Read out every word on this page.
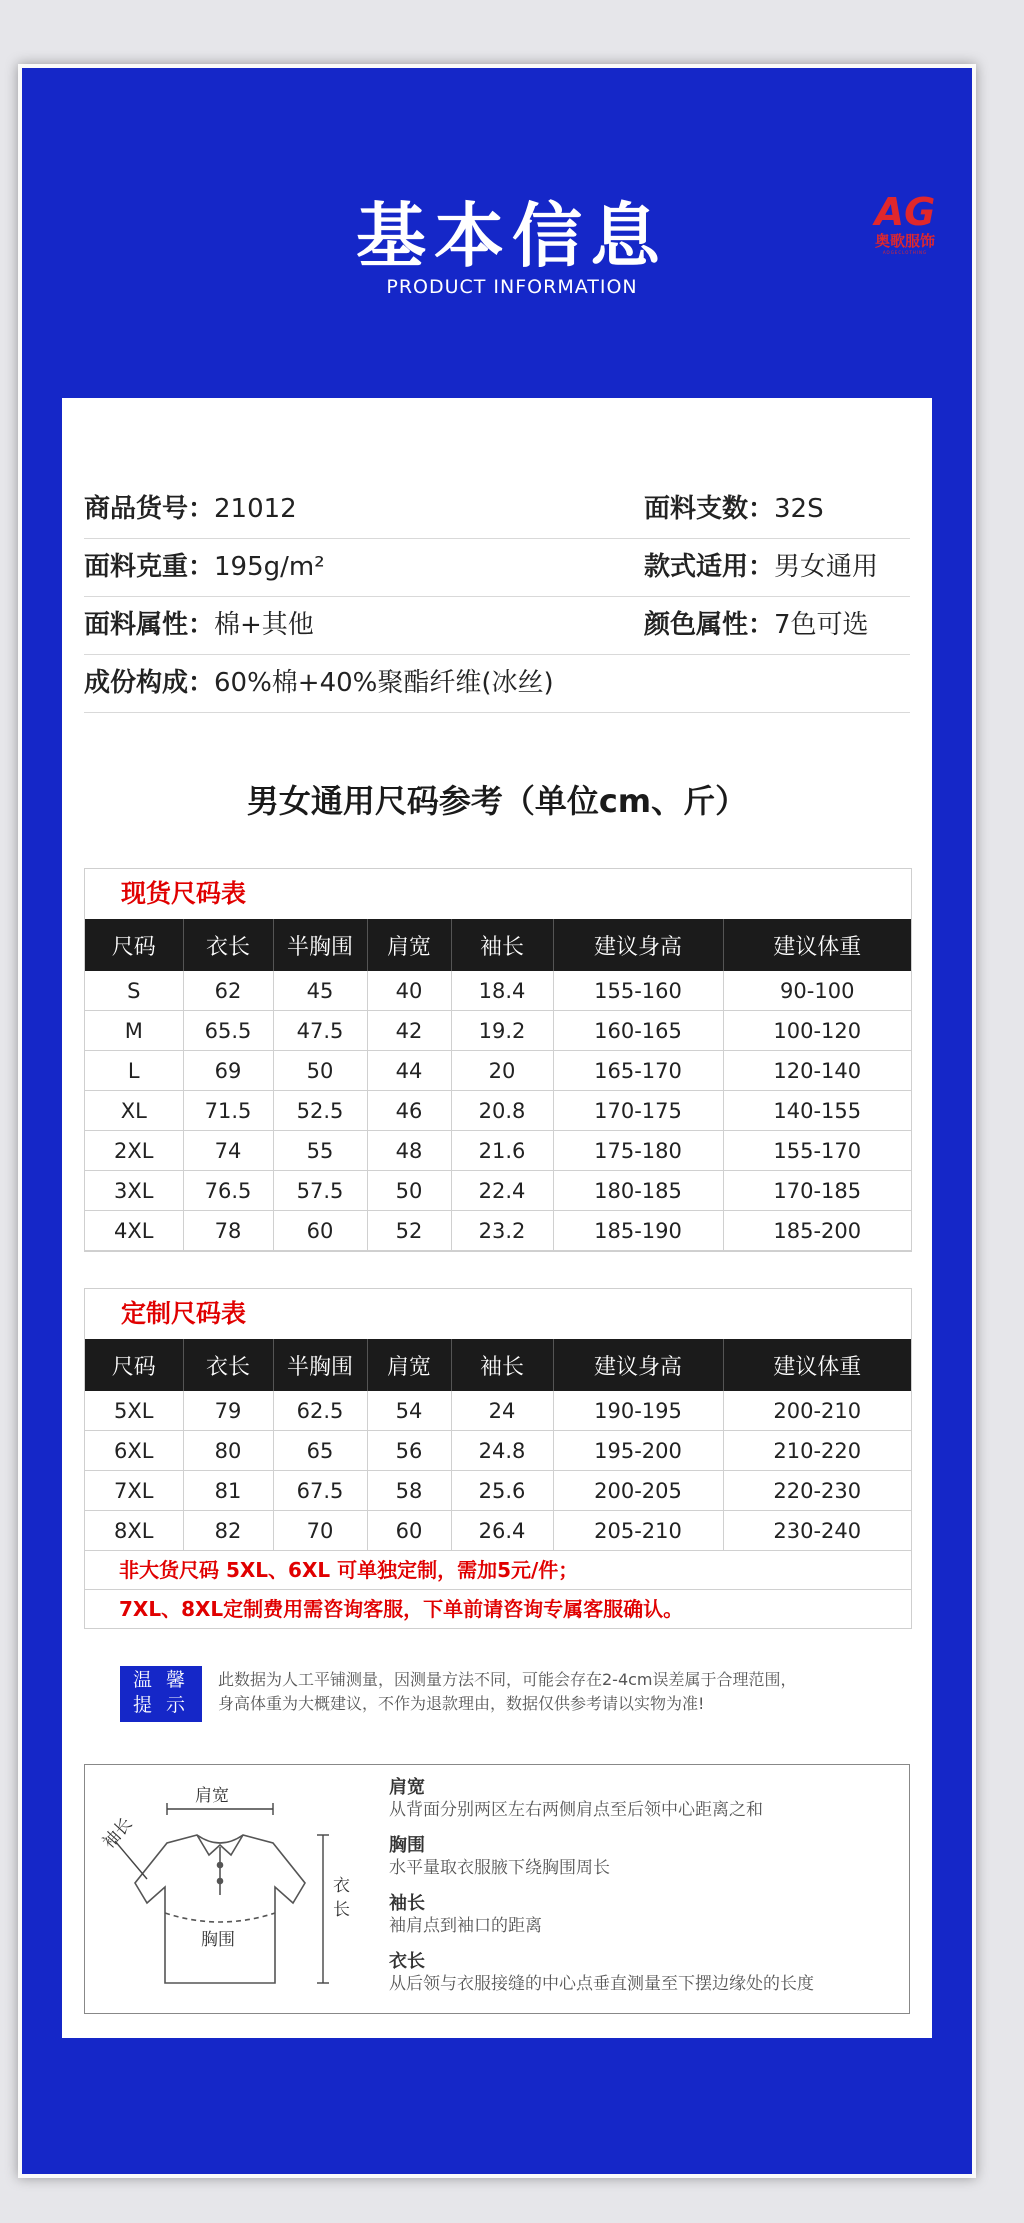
基本信息
PRODUCT INFORMATION
AG
奥歌服饰
AOGECLOTHING
商品货号：21012	面料支数：32S
面料克重：195g/m²	款式适用：男女通用
面料属性：棉+其他	颜色属性：7色可选
成份构成：60%棉+40%聚酯纤维(冰丝)
男女通用尺码参考（单位cm、斤）
现货尺码表
尺码	衣长	半胸围	肩宽	袖长	建议身高	建议体重
S	62	45	40	18.4	155-160	90-100
M	65.5	47.5	42	19.2	160-165	100-120
L	69	50	44	20	165-170	120-140
XL	71.5	52.5	46	20.8	170-175	140-155
2XL	74	55	48	21.6	175-180	155-170
3XL	76.5	57.5	50	22.4	180-185	170-185
4XL	78	60	52	23.2	185-190	185-200
定制尺码表
尺码	衣长	半胸围	肩宽	袖长	建议身高	建议体重
5XL	79	62.5	54	24	190-195	200-210
6XL	80	65	56	24.8	195-200	210-220
7XL	81	67.5	58	25.6	200-205	220-230
8XL	82	70	60	26.4	205-210	230-240
非大货尺码 5XL、6XL 可单独定制，需加5元/件；
7XL、8XL定制费用需咨询客服，下单前请咨询专属客服确认。
温 馨
提 示
此数据为人工平铺测量，因测量方法不同，可能会存在2-4cm误差属于合理范围，
身高体重为大概建议，不作为退款理由，数据仅供参考请以实物为准!
肩宽
袖长
衣
长
胸围
肩宽
从背面分别两区左右两侧肩点至后领中心距离之和
胸围
水平量取衣服腋下绕胸围周长
袖长
袖肩点到袖口的距离
衣长
从后领与衣服接缝的中心点垂直测量至下摆边缘处的长度
